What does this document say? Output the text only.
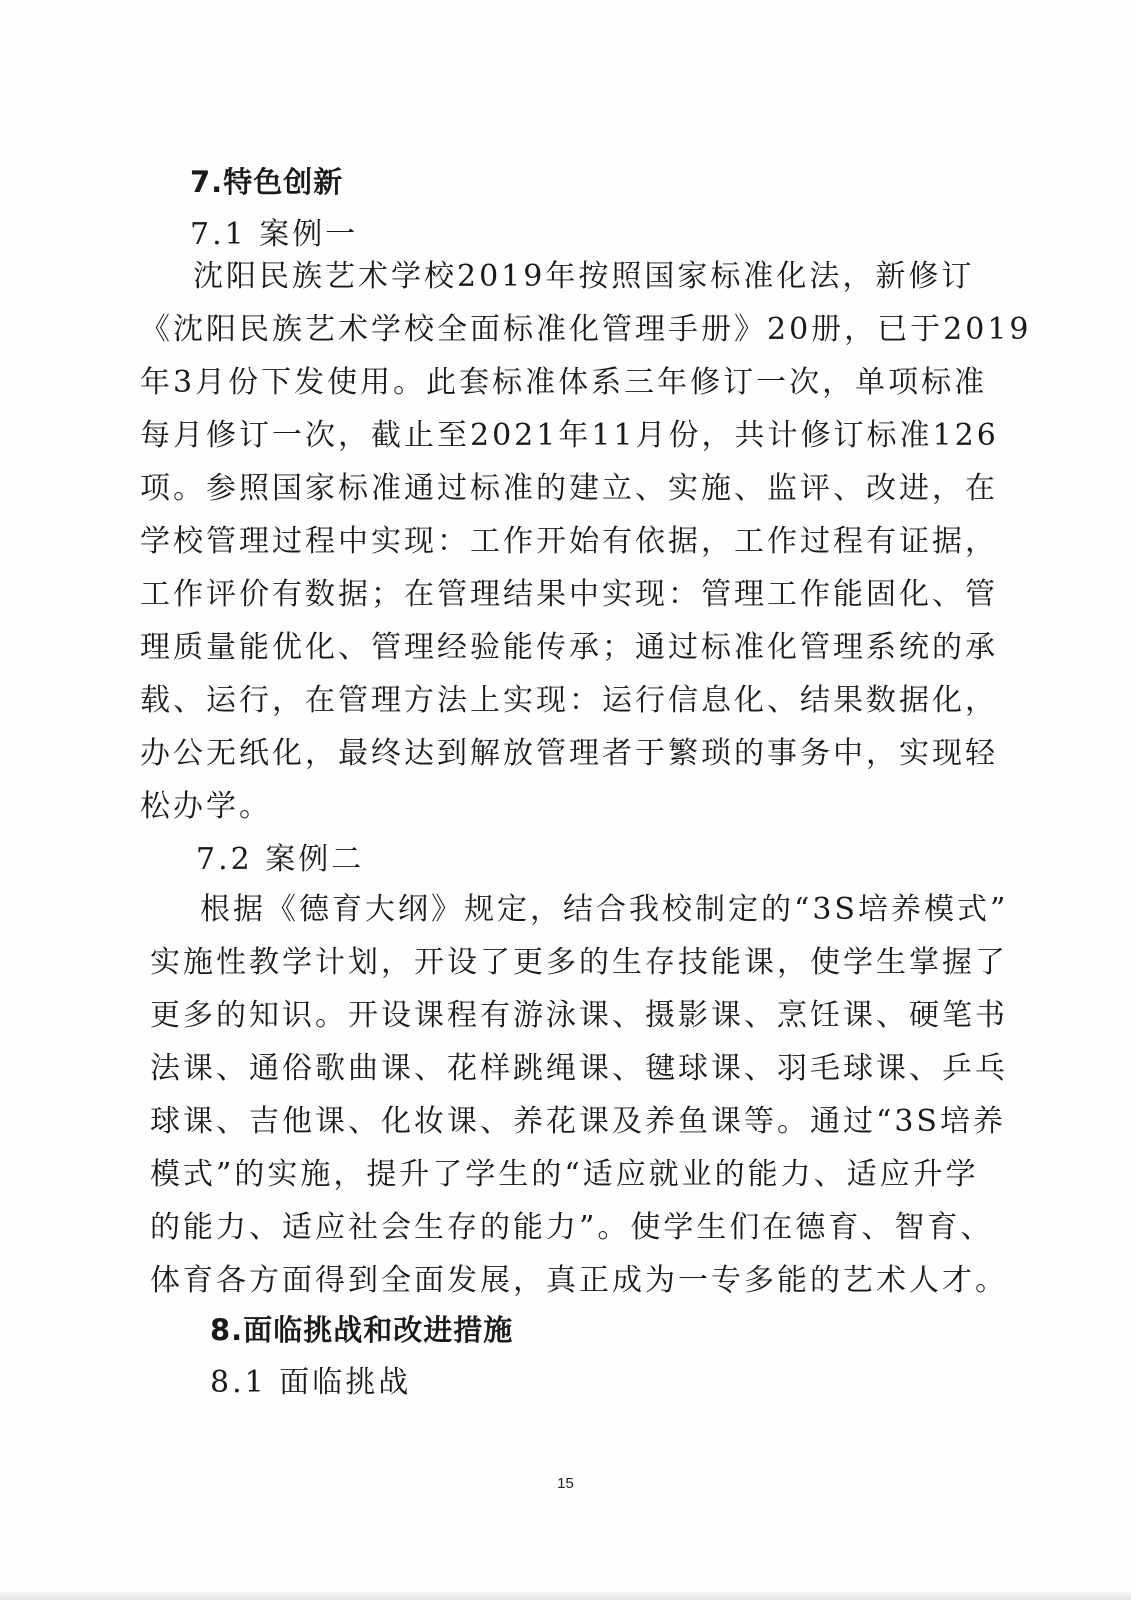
7.特色创新
7.1 案例一
沈阳民族艺术学校2019年按照国家标准化法，新修订
《沈阳民族艺术学校全面标准化管理手册》20册，已于2019
年3月份下发使用。此套标准体系三年修订一次，单项标准
每月修订一次，截止至2021年11月份，共计修订标准126
项。参照国家标准通过标准的建立、实施、监评、改进，在
学校管理过程中实现：工作开始有依据，工作过程有证据，
工作评价有数据；在管理结果中实现：管理工作能固化、管
理质量能优化、管理经验能传承；通过标准化管理系统的承
载、运行，在管理方法上实现：运行信息化、结果数据化，
办公无纸化，最终达到解放管理者于繁琐的事务中，实现轻
松办学。
7.2 案例二
根据《德育大纲》规定，结合我校制定的“3S培养模式”
实施性教学计划，开设了更多的生存技能课，使学生掌握了
更多的知识。开设课程有游泳课、摄影课、烹饪课、硬笔书
法课、通俗歌曲课、花样跳绳课、毽球课、羽毛球课、乒乓
球课、吉他课、化妆课、养花课及养鱼课等。通过“3S培养
模式”的实施，提升了学生的“适应就业的能力、适应升学
的能力、适应社会生存的能力”。使学生们在德育、智育、
体育各方面得到全面发展，真正成为一专多能的艺术人才。
8.面临挑战和改进措施
8.1 面临挑战
15
